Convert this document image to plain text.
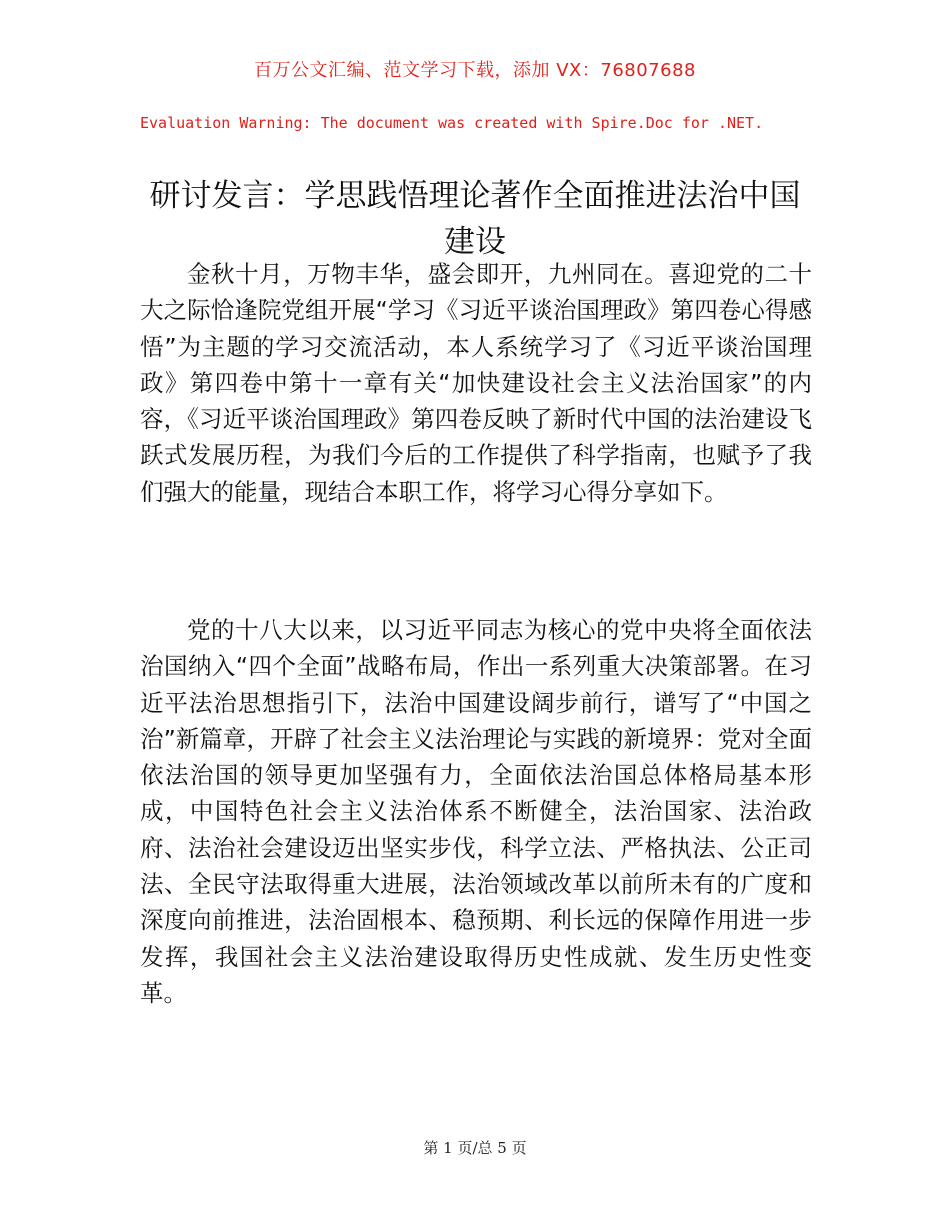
百万公文汇编、范文学习下载，添加 VX：76807688
Evaluation Warning: The document was created with Spire.Doc for .NET.
研讨发言：学思践悟理论著作全面推进法治中国建设

金秋十月，万物丰华，盛会即开，九州同在。喜迎党的二十大之际恰逢院党组开展“学习《习近平谈治国理政》第四卷心得感悟”为主题的学习交流活动，本人系统学习了《习近平谈治国理政》第四卷中第十一章有关“加快建设社会主义法治国家”的内容，《习近平谈治国理政》第四卷反映了新时代中国的法治建设飞跃式发展历程，为我们今后的工作提供了科学指南，也赋予了我们强大的能量，现结合本职工作，将学习心得分享如下。

党的十八大以来，以习近平同志为核心的党中央将全面依法治国纳入“四个全面”战略布局，作出一系列重大决策部署。在习近平法治思想指引下，法治中国建设阔步前行，谱写了“中国之治”新篇章，开辟了社会主义法治理论与实践的新境界：党对全面依法治国的领导更加坚强有力，全面依法治国总体格局基本形成，中国特色社会主义法治体系不断健全，法治国家、法治政府、法治社会建设迈出坚实步伐，科学立法、严格执法、公正司法、全民守法取得重大进展，法治领域改革以前所未有的广度和深度向前推进，法治固根本、稳预期、利长远的保障作用进一步发挥，我国社会主义法治建设取得历史性成就、发生历史性变革。

第 1 页/总 5 页
